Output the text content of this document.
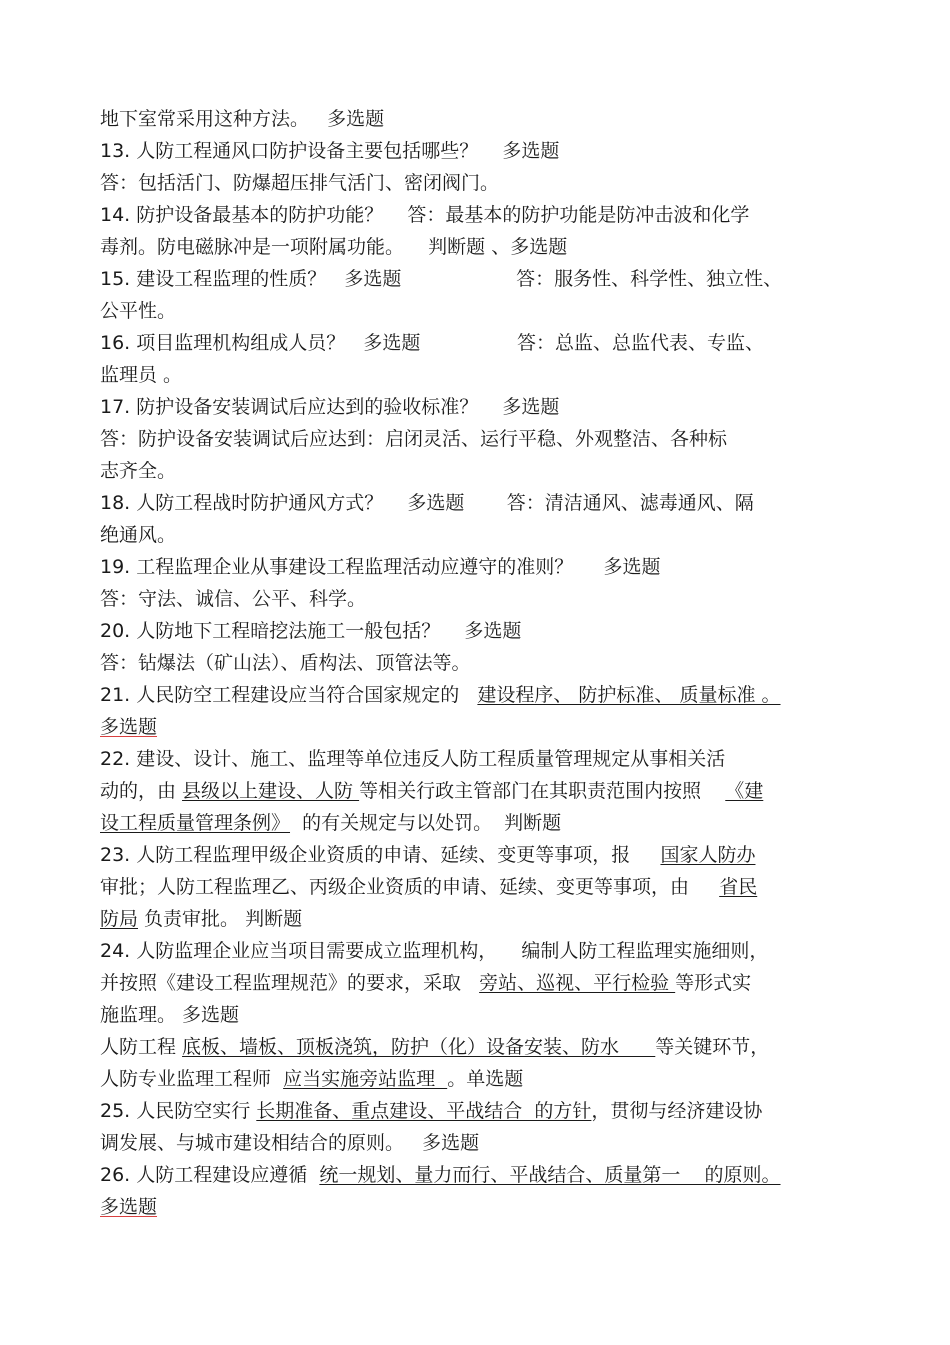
地下室常采用这种方法。   多选题

13. 人防工程通风口防护设备主要包括哪些？    多选题

答：包括活门、防爆超压排气活门、密闭阀门。

14. 防护设备最基本的防护功能？    答：最基本的防护功能是防冲击波和化学

毒剂。防电磁脉冲是一项附属功能。    判断题 、多选题

15. 建设工程监理的性质？   多选题                   答：服务性、科学性、独立性、

公平性。

16. 项目监理机构组成人员？   多选题                答：总监、总监代表、专监、

监理员 。

17. 防护设备安装调试后应达到的验收标准？    多选题

答：防护设备安装调试后应达到：启闭灵活、运行平稳、外观整洁、各种标

志齐全。

18. 人防工程战时防护通风方式？    多选题       答：清洁通风、滤毒通风、隔

绝通风。

19. 工程监理企业从事建设工程监理活动应遵守的准则？     多选题

答：守法、诚信、公平、科学。

20. 人防地下工程暗挖法施工一般包括？    多选题

答：钻爆法（矿山法）、盾构法、顶管法等。

21. 人民防空工程建设应当符合国家规定的   建设程序、 防护标准、 质量标准 。

多选题

22. 建设、设计、施工、监理等单位违反人防工程质量管理规定从事相关活

动的，由 县级以上建设、人防 等相关行政主管部门在其职责范围内按照    《建

设工程质量管理条例》  的有关规定与以处罚。  判断题

23. 人防工程监理甲级企业资质的申请、延续、变更等事项，报     国家人防办

审批；人防工程监理乙、丙级企业资质的申请、延续、变更等事项，由     省民

防局 负责审批。 判断题

24. 人防监理企业应当项目需要成立监理机构，    编制人防工程监理实施细则，

并按照《建设工程监理规范》的要求，采取   旁站、巡视、平行检验 等形式实

施监理。 多选题

人防工程 底板、墙板、顶板浇筑，防护（化）设备安装、防水      等关键环节，

人防专业监理工程师  应当实施旁站监理  。单选题

25. 人民防空实行 长期准备、重点建设、平战结合  的方针，贯彻与经济建设协

调发展、与城市建设相结合的原则。   多选题

26. 人防工程建设应遵循  统一规划、量力而行、平战结合、质量第一    的原则。

多选题
